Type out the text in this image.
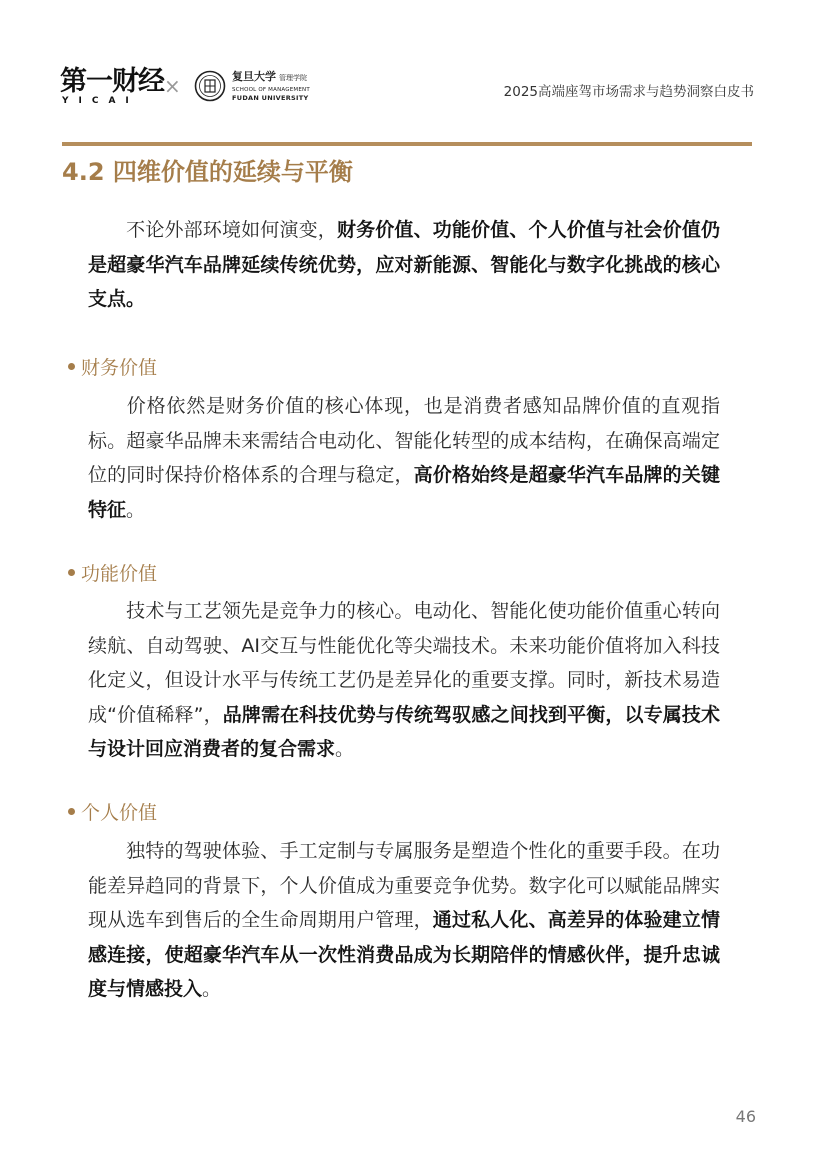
第一财经
YICAI
×	复旦大学 管理学院
SCHOOL OF MANAGEMENT
FUDAN UNIVERSITY	2025高端座驾市场需求与趋势洞察白皮书
4.2 四维价值的延续与平衡

不论外部环境如何演变，财务价值、功能价值、个人价值与社会价值仍是超豪华汽车品牌延续传统优势，应对新能源、智能化与数字化挑战的核心支点。

财务价值

价格依然是财务价值的核心体现，也是消费者感知品牌价值的直观指标。超豪华品牌未来需结合电动化、智能化转型的成本结构，在确保高端定位的同时保持价格体系的合理与稳定，高价格始终是超豪华汽车品牌的关键特征。

功能价值

技术与工艺领先是竞争力的核心。电动化、智能化使功能价值重心转向续航、自动驾驶、AI交互与性能优化等尖端技术。未来功能价值将加入科技化定义，但设计水平与传统工艺仍是差异化的重要支撑。同时，新技术易造成“价值稀释”，品牌需在科技优势与传统驾驭感之间找到平衡，以专属技术与设计回应消费者的复合需求。

个人价值

独特的驾驶体验、手工定制与专属服务是塑造个性化的重要手段。在功能差异趋同的背景下，个人价值成为重要竞争优势。数字化可以赋能品牌实现从选车到售后的全生命周期用户管理，通过私人化、高差异的体验建立情感连接，使超豪华汽车从一次性消费品成为长期陪伴的情感伙伴，提升忠诚度与情感投入。

46
